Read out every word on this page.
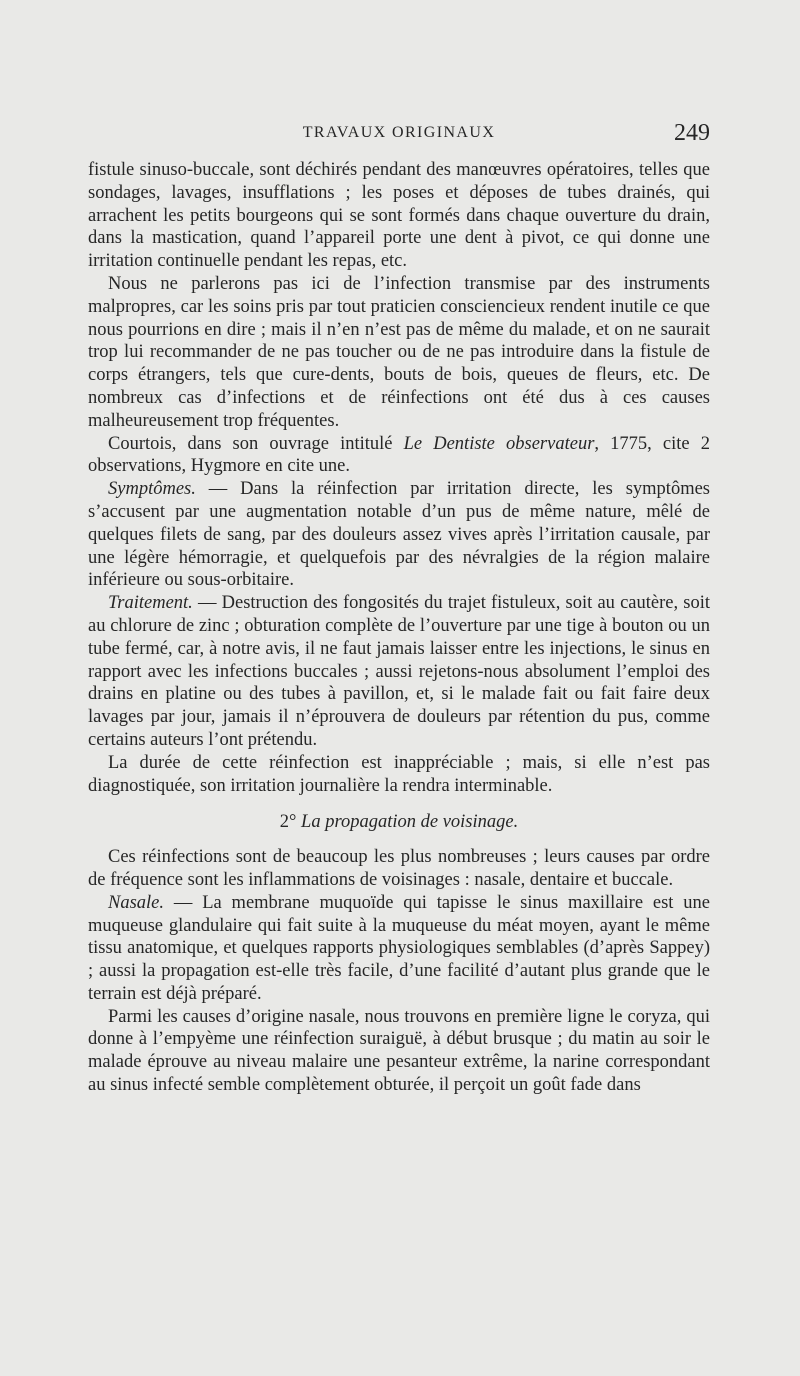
TRAVAUX ORIGINAUX	249

fistule sinuso-buccale, sont déchirés pendant des manœuvres opératoires, telles que sondages, lavages, insufflations ; les poses et déposes de tubes drainés, qui arrachent les petits bourgeons qui se sont formés dans chaque ouverture du drain, dans la mastication, quand l’appareil porte une dent à pivot, ce qui donne une irritation continuelle pendant les repas, etc.

Nous ne parlerons pas ici de l’infection transmise par des instruments malpropres, car les soins pris par tout praticien consciencieux rendent inutile ce que nous pourrions en dire ; mais il n’en n’est pas de même du malade, et on ne saurait trop lui recommander de ne pas toucher ou de ne pas introduire dans la fistule de corps étrangers, tels que cure-dents, bouts de bois, queues de fleurs, etc. De nombreux cas d’infections et de réinfections ont été dus à ces causes malheureusement trop fréquentes.

Courtois, dans son ouvrage intitulé Le Dentiste observateur, 1775, cite 2 observations, Hygmore en cite une.

Symptômes. — Dans la réinfection par irritation directe, les symptômes s’accusent par une augmentation notable d’un pus de même nature, mêlé de quelques filets de sang, par des douleurs assez vives après l’irritation causale, par une légère hémorragie, et quelquefois par des névralgies de la région malaire inférieure ou sous-orbitaire.

Traitement. — Destruction des fongosités du trajet fistuleux, soit au cautère, soit au chlorure de zinc ; obturation complète de l’ouverture par une tige à bouton ou un tube fermé, car, à notre avis, il ne faut jamais laisser entre les injections, le sinus en rapport avec les infections buccales ; aussi rejetons-nous absolument l’emploi des drains en platine ou des tubes à pavillon, et, si le malade fait ou fait faire deux lavages par jour, jamais il n’éprouvera de douleurs par rétention du pus, comme certains auteurs l’ont prétendu.

La durée de cette réinfection est inappréciable ; mais, si elle n’est pas diagnostiquée, son irritation journalière la rendra interminable.

2° La propagation de voisinage.

Ces réinfections sont de beaucoup les plus nombreuses ; leurs causes par ordre de fréquence sont les inflammations de voisinages : nasale, dentaire et buccale.

Nasale. — La membrane muquoïde qui tapisse le sinus maxillaire est une muqueuse glandulaire qui fait suite à la muqueuse du méat moyen, ayant le même tissu anatomique, et quelques rapports physiologiques semblables (d’après Sappey) ; aussi la propagation est-elle très facile, d’une facilité d’autant plus grande que le terrain est déjà préparé.

Parmi les causes d’origine nasale, nous trouvons en première ligne le coryza, qui donne à l’empyème une réinfection suraiguë, à début brusque ; du matin au soir le malade éprouve au niveau malaire une pesanteur extrême, la narine correspondant au sinus infecté semble complètement obturée, il perçoit un goût fade dans
